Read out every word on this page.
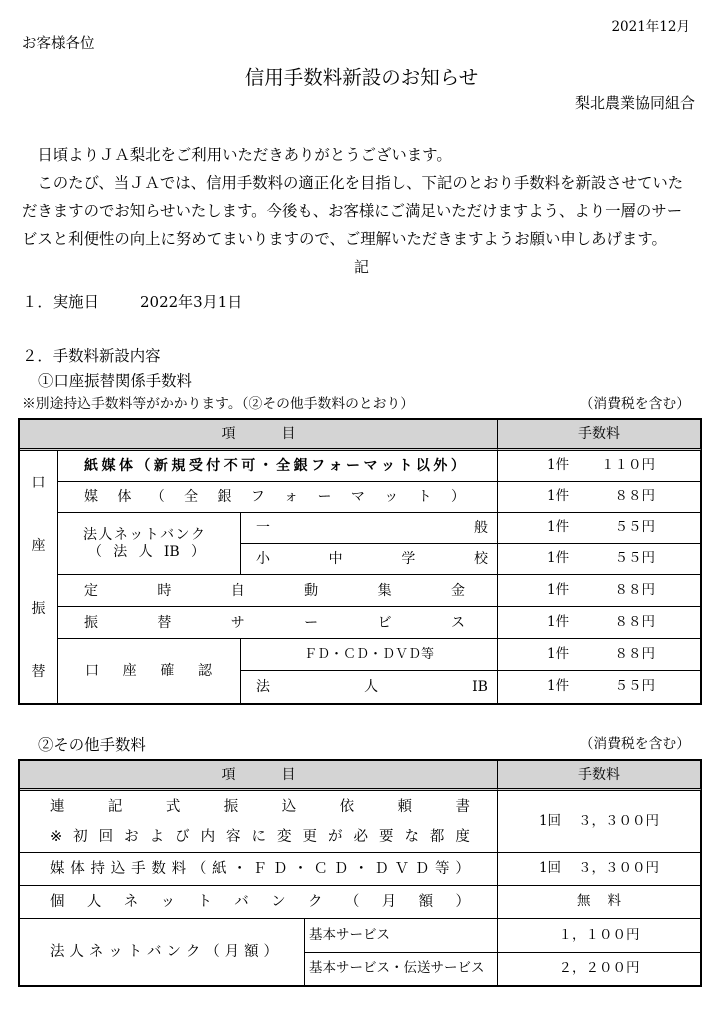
2021年12月
お客様各位
信用手数料新設のお知らせ
梨北農業協同組合
日頃よりＪＡ梨北をご利用いただきありがとうございます。
このたび、当ＪＡでは、信用手数料の適正化を目指し、下記のとおり手数料を新設させていた
だきますのでお知らせいたします。今後も、お客様にご満足いただけますよう、より一層のサー
ビスと利便性の向上に努めてまいりますので、ご理解いただきますようお願い申しあげます。
記
１．実施日	2022年3月1日
２．手数料新設内容
①口座振替関係手数料
※別途持込手数料等がかかります。（②その他手数料のとおり）	（消費税を含む）
項	目	手数料
口
座
振
替
紙 媒 体 （ 新 規 受 付 不 可 ・ 全 銀 フ ォ ー マ ッ ト 以 外 ）	1件 １１０円
媒 体 （ 全 銀 フ ォ ー マ ッ ト ）	1件	８８円
法 人 ネ ッ ト バ ン ク
（ 法 人 IB ）
一	般	1件	５５円
小	中	学	校	1件	５５円
定	時	自	動	集	金	1件	８８円
振	替	サ	ー	ビ	ス	1件	８８円
口 座 確 認
ＦＤ・ＣＤ・ＤＶＤ等	1件	８８円
法	人	IB	1件	５５円
②その他手数料	（消費税を含む）
項	目	手数料
連	記	式	振	込	依	頼	書
※ 初 回 お よ び 内 容 に 変 更 が 必 要 な 都 度
1回 ３，３００円
媒 体 持 込 手 数 料 （ 紙 ・ Ｆ Ｄ ・ Ｃ Ｄ ・ Ｄ Ｖ Ｄ 等 ）	1回 ３，３００円
個 人 ネ ッ ト バ ン ク （ 月 額 ）	無 料
法 人 ネ ッ ト バ ン ク （ 月 額 ）
基本サービス	１，１００円
基本サービス・伝送サービス	２，２００円
